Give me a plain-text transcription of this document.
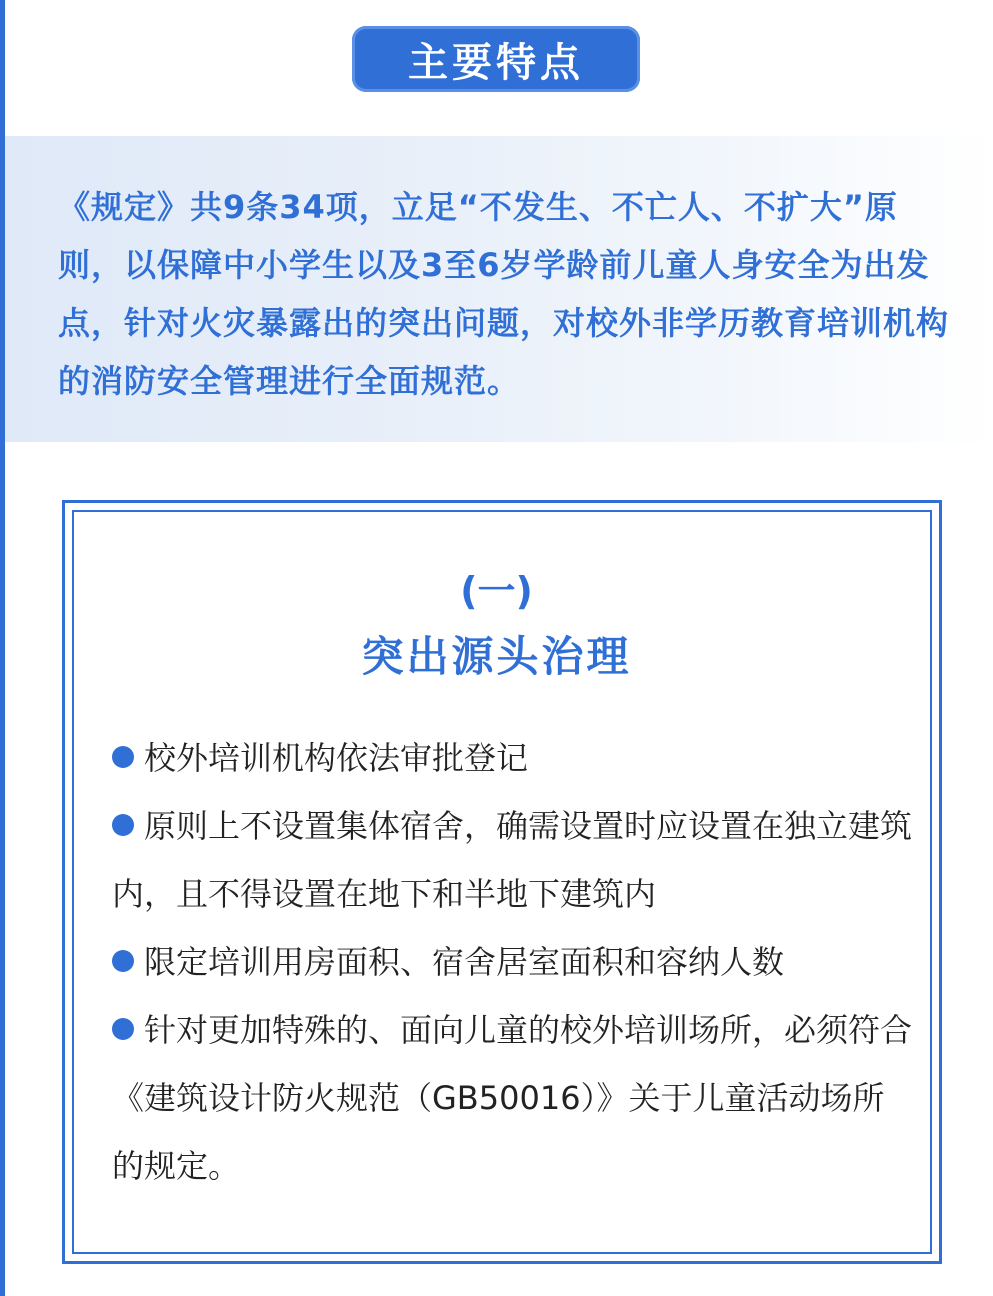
主要特点

《规定》共9条34项，立足“不发生、不亡人、不扩大”原则，以保障中小学生以及3至6岁学龄前儿童人身安全为出发点，针对火灾暴露出的突出问题，对校外非学历教育培训机构的消防安全管理进行全面规范。

(一)
突出源头治理
校外培训机构依法审批登记
原则上不设置集体宿舍，确需设置时应设置在独立建筑内，且不得设置在地下和半地下建筑内
限定培训用房面积、宿舍居室面积和容纳人数
针对更加特殊的、面向儿童的校外培训场所，必须符合《建筑设计防火规范（GB50016）》关于儿童活动场所的规定。
